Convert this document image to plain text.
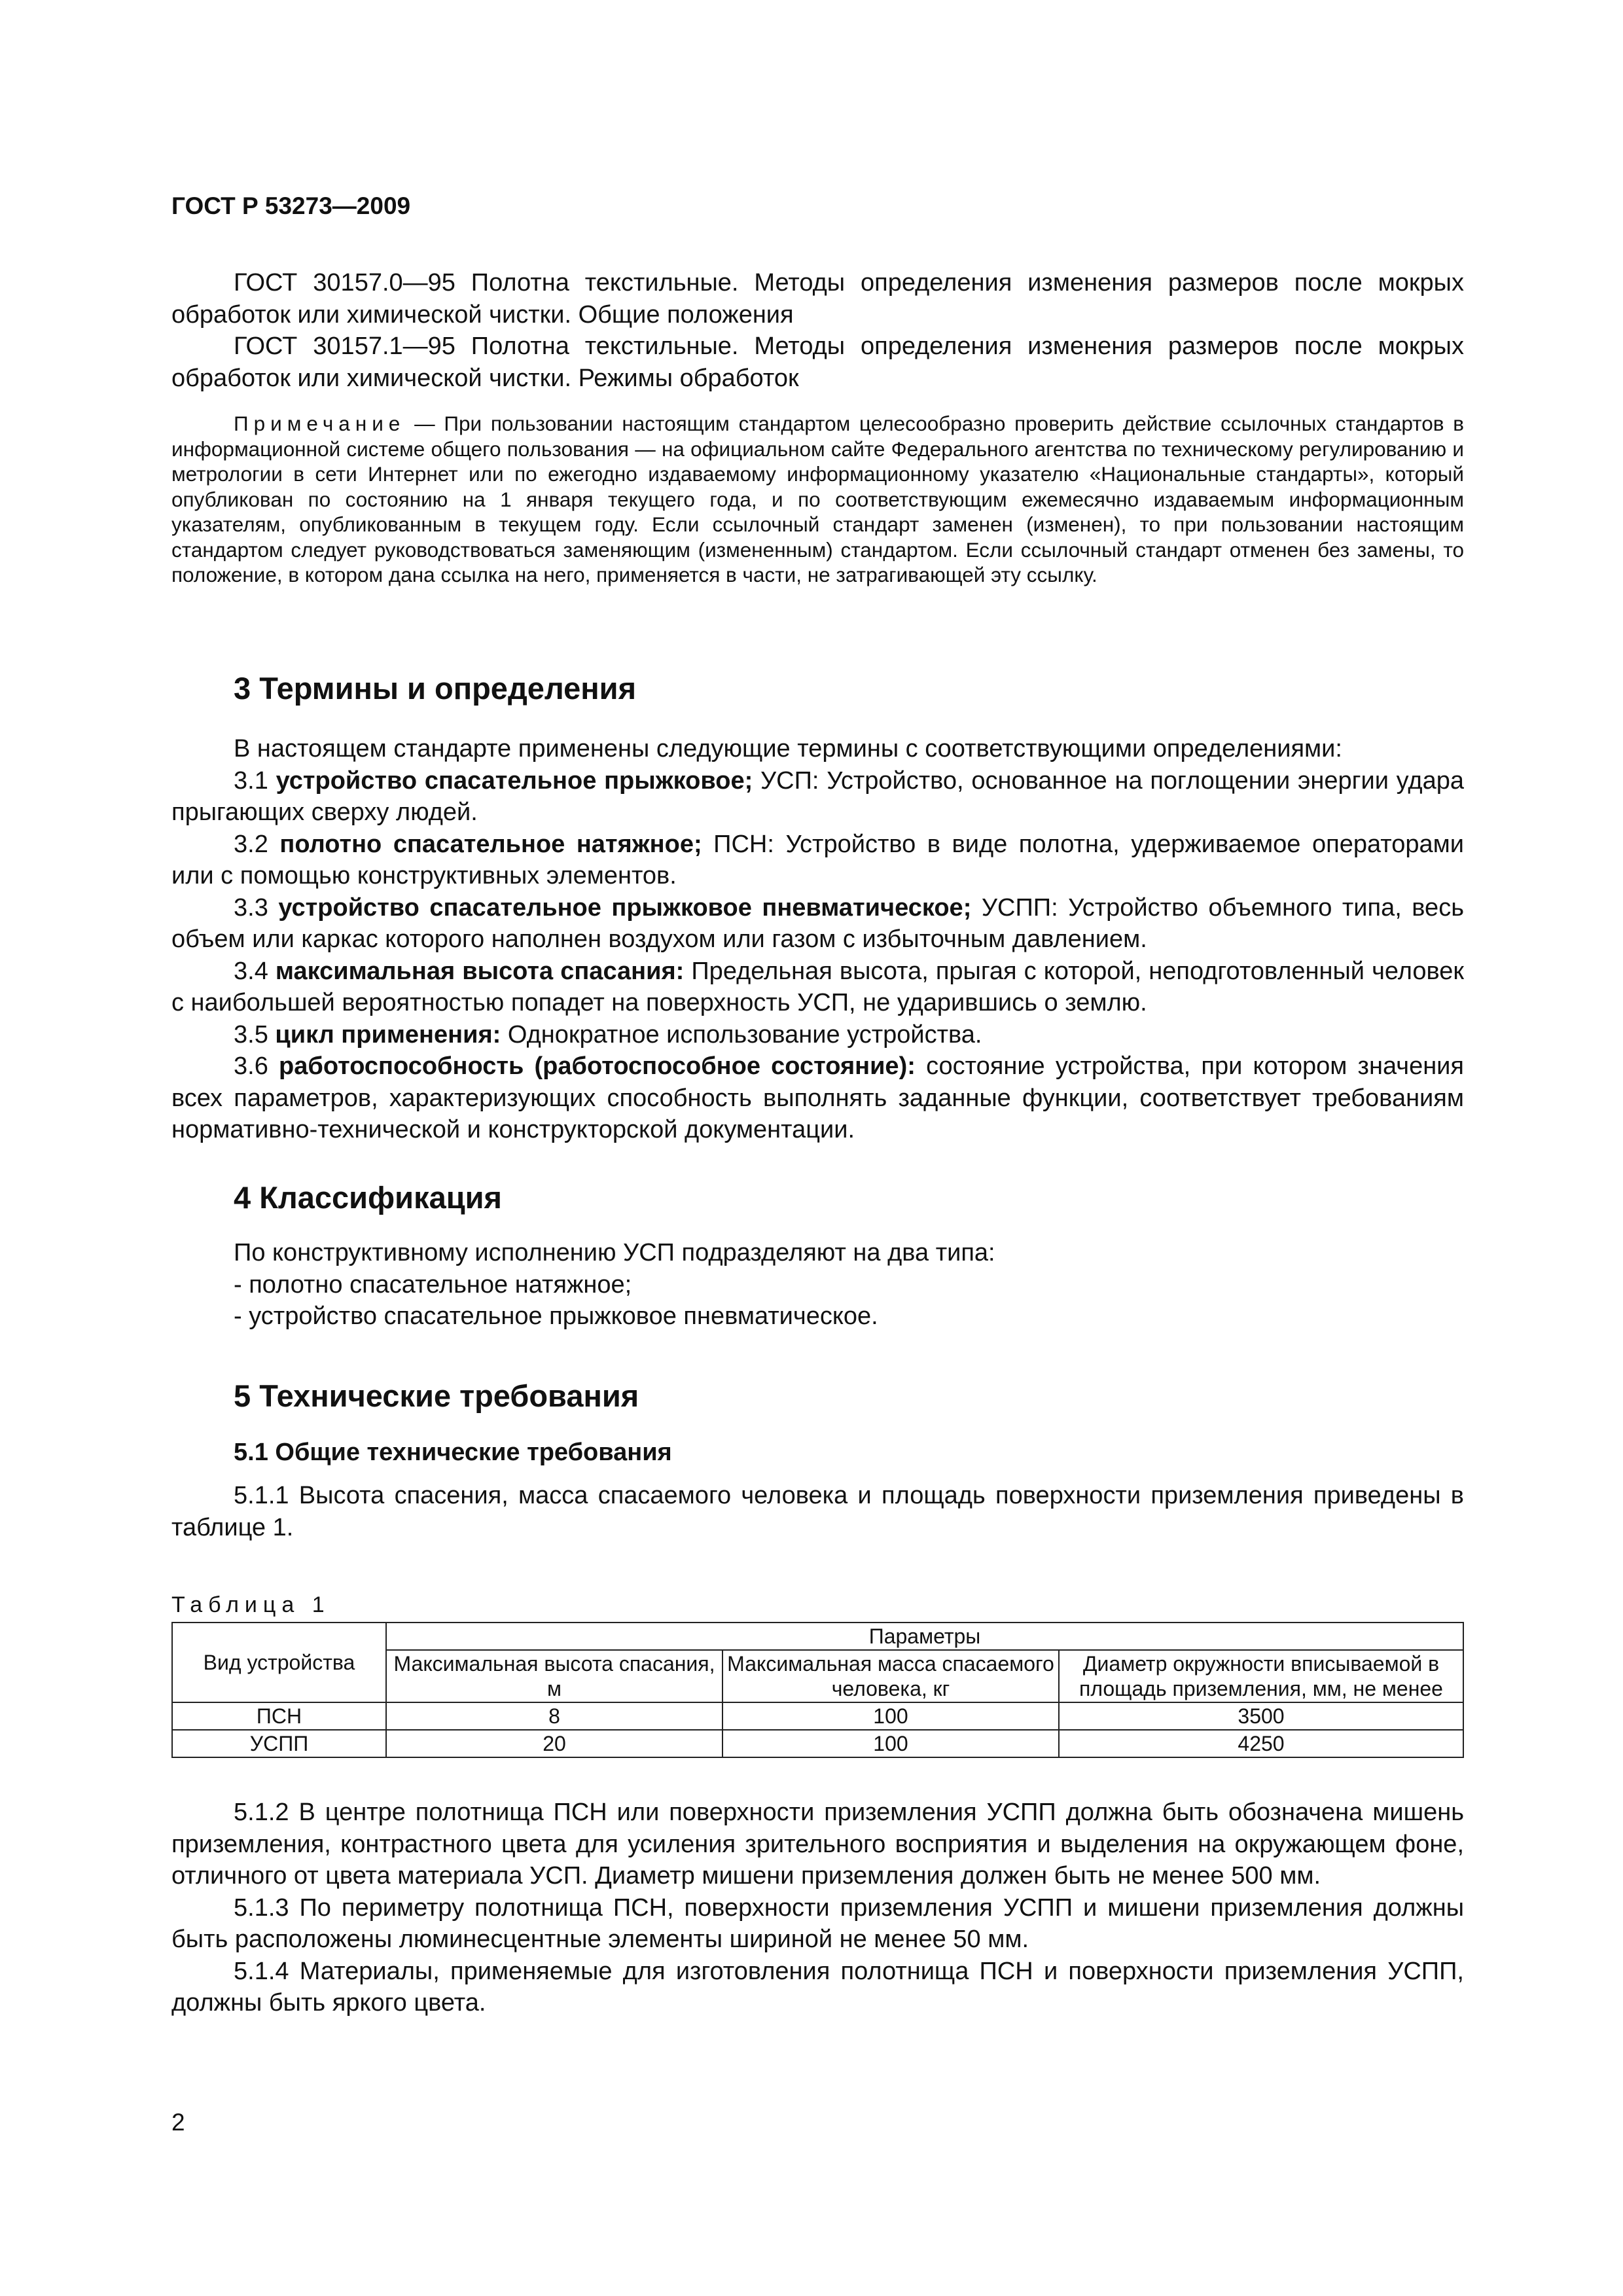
ГОСТ Р 53273—2009

ГОСТ 30157.0—95 Полотна текстильные. Методы определения изменения размеров после мокрых обработок или химической чистки. Общие положения

ГОСТ 30157.1—95 Полотна текстильные. Методы определения изменения размеров после мокрых обработок или химической чистки. Режимы обработок

Примечание — При пользовании настоящим стандартом целесообразно проверить действие ссылочных стандартов в информационной системе общего пользования — на официальном сайте Федерального агентства по техническому регулированию и метрологии в сети Интернет или по ежегодно издаваемому информационному указателю «Национальные стандарты», который опубликован по состоянию на 1 января текущего года, и по соответствующим ежемесячно издаваемым информационным указателям, опубликованным в текущем году. Если ссылочный стандарт заменен (изменен), то при пользовании настоящим стандартом следует руководствоваться заменяющим (измененным) стандартом. Если ссылочный стандарт отменен без замены, то положение, в котором дана ссылка на него, применяется в части, не затрагивающей эту ссылку.

3 Термины и определения

В настоящем стандарте применены следующие термины с соответствующими определениями:

3.1 устройство спасательное прыжковое; УСП: Устройство, основанное на поглощении энергии удара прыгающих сверху людей.

3.2 полотно спасательное натяжное; ПСН: Устройство в виде полотна, удерживаемое операторами или с помощью конструктивных элементов.

3.3 устройство спасательное прыжковое пневматическое; УСПП: Устройство объемного типа, весь объем или каркас которого наполнен воздухом или газом с избыточным давлением.

3.4 максимальная высота спасания: Предельная высота, прыгая с которой, неподготовленный человек с наибольшей вероятностью попадет на поверхность УСП, не ударившись о землю.

3.5 цикл применения: Однократное использование устройства.

3.6 работоспособность (работоспособное состояние): состояние устройства, при котором значения всех параметров, характеризующих способность выполнять заданные функции, соответствует требованиям нормативно-технической и конструкторской документации.

4 Классификация

По конструктивному исполнению УСП подразделяют на два типа:

- полотно спасательное натяжное;

- устройство спасательное прыжковое пневматическое.

5 Технические требования
5.1 Общие технические требования

5.1.1 Высота спасения, масса спасаемого человека и площадь поверхности приземления приведены в таблице 1.

Таблица 1

Вид устройства	Параметры		
	Максимальная высота спасания, м	Максимальная масса спасаемого человека, кг	Диаметр окружности вписываемой в площадь приземления, мм, не менее
ПСН	8	100	3500
УСПП	20	100	4250

5.1.2 В центре полотнища ПСН или поверхности приземления УСПП должна быть обозначена мишень приземления, контрастного цвета для усиления зрительного восприятия и выделения на окружающем фоне, отличного от цвета материала УСП. Диаметр мишени приземления должен быть не менее 500 мм.

5.1.3 По периметру полотнища ПСН, поверхности приземления УСПП и мишени приземления должны быть расположены люминесцентные элементы шириной не менее 50 мм.

5.1.4 Материалы, применяемые для изготовления полотнища ПСН и поверхности приземления УСПП, должны быть яркого цвета.

2
